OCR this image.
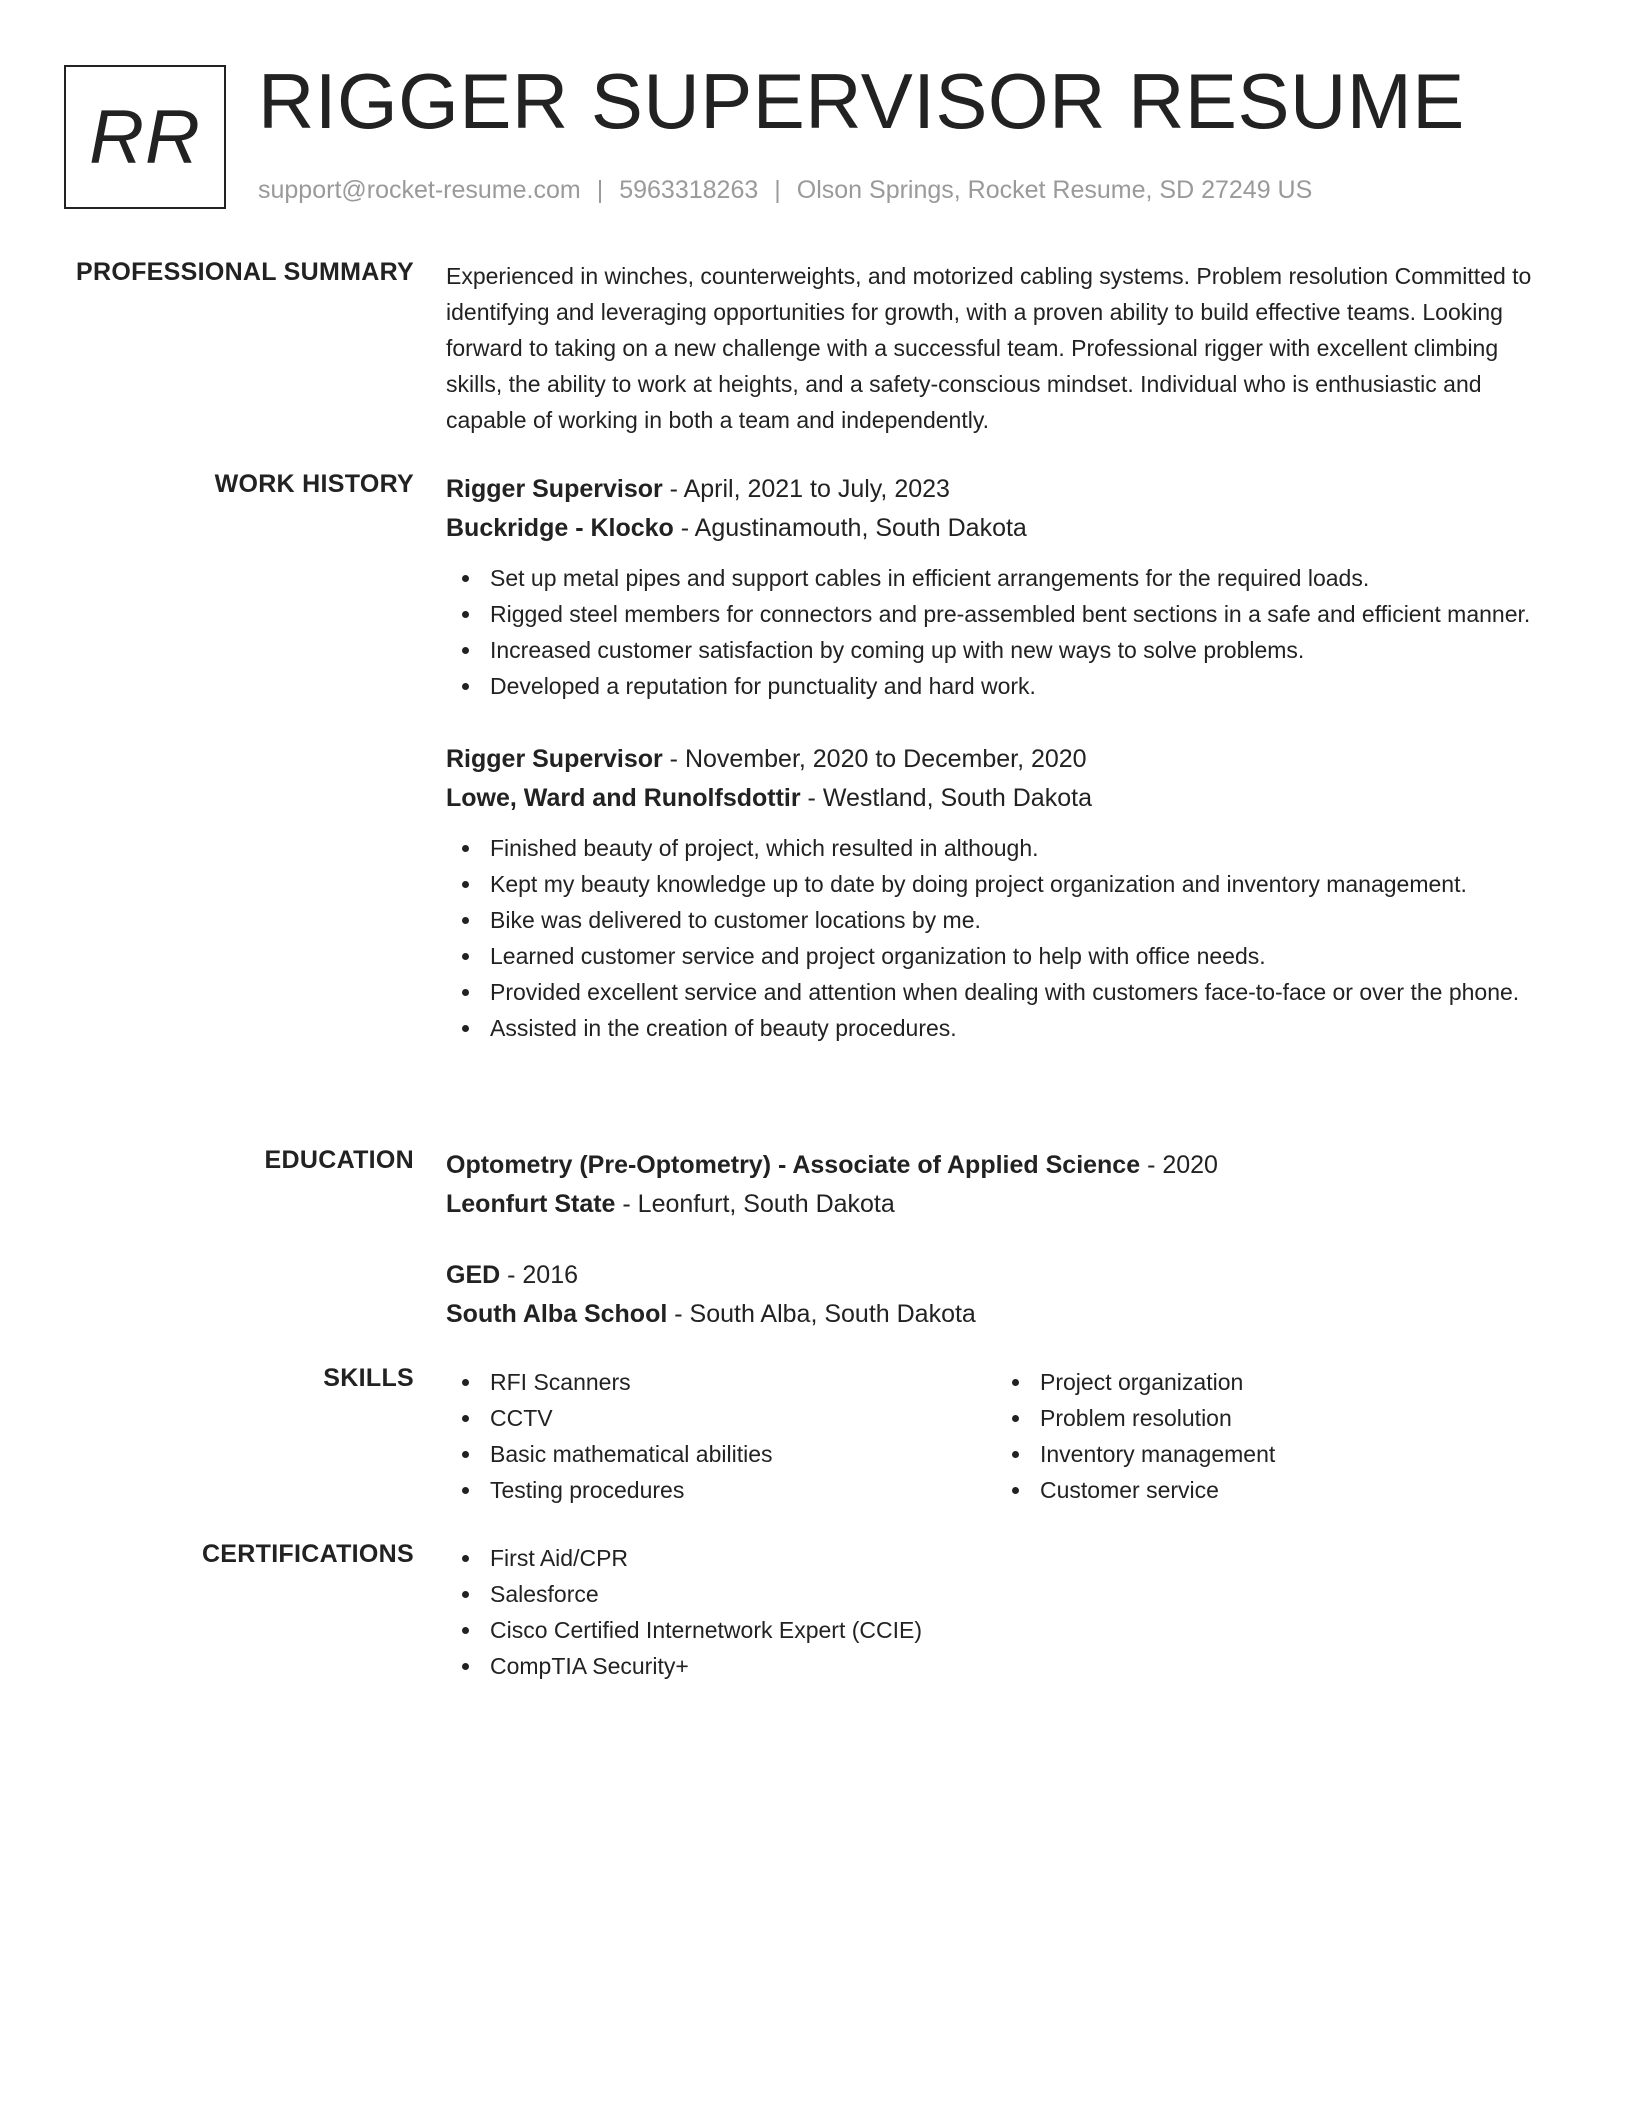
RR RIGGER SUPERVISOR RESUME
support@rocket-resume.com | 5963318263 | Olson Springs, Rocket Resume, SD 27249 US
PROFESSIONAL SUMMARY Experienced in winches, counterweights, and motorized cabling systems. Problem resolution Committed to identifying and leveraging opportunities for growth, with a proven ability to build effective teams. Looking forward to taking on a new challenge with a successful team. Professional rigger with excellent climbing skills, the ability to work at heights, and a safety-conscious mindset. Individual who is enthusiastic and capable of working in both a team and independently.

WORK HISTORY Rigger Supervisor - April, 2021 to July, 2023
Buckridge - Klocko - Agustinamouth, South Dakota
Set up metal pipes and support cables in efficient arrangements for the required loads.
Rigged steel members for connectors and pre-assembled bent sections in a safe and efficient manner.
Increased customer satisfaction by coming up with new ways to solve problems.
Developed a reputation for punctuality and hard work.
Rigger Supervisor - November, 2020 to December, 2020
Lowe, Ward and Runolfsdottir - Westland, South Dakota
Finished beauty of project, which resulted in although.
Kept my beauty knowledge up to date by doing project organization and inventory management.
Bike was delivered to customer locations by me.
Learned customer service and project organization to help with office needs.
Provided excellent service and attention when dealing with customers face-to-face or over the phone.
Assisted in the creation of beauty procedures.
EDUCATION Optometry (Pre-Optometry) - Associate of Applied Science - 2020
Leonfurt State - Leonfurt, South Dakota
GED - 2016
South Alba School - South Alba, South Dakota
SKILLS	RFI Scanners
CCTV
Basic mathematical abilities
Testing procedures
Project organization
Problem resolution
Inventory management
Customer service
CERTIFICATIONS	First Aid/CPR
Salesforce
Cisco Certified Internetwork Expert (CCIE)
CompTIA Security+
